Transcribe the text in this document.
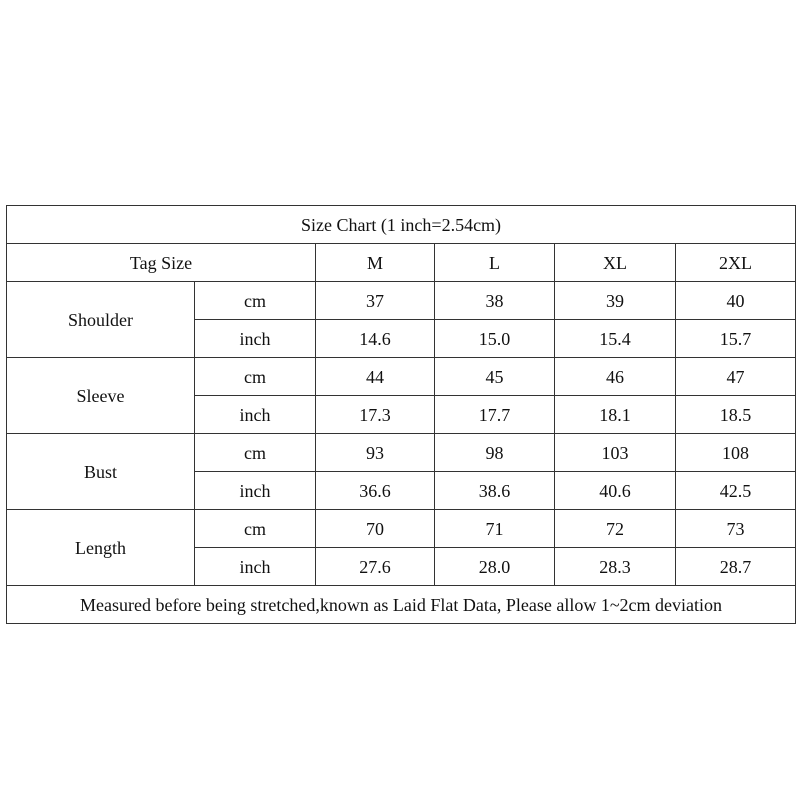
Size Chart (1 inch=2.54cm)					
Tag Size		M	L	XL	2XL
Shoulder	cm	37	38	39	40
	inch	14.6	15.0	15.4	15.7
Sleeve	cm	44	45	46	47
	inch	17.3	17.7	18.1	18.5
Bust	cm	93	98	103	108
	inch	36.6	38.6	40.6	42.5
Length	cm	70	71	72	73
	inch	27.6	28.0	28.3	28.7
Measured before being stretched,known as Laid Flat Data, Please allow 1~2cm deviation					
